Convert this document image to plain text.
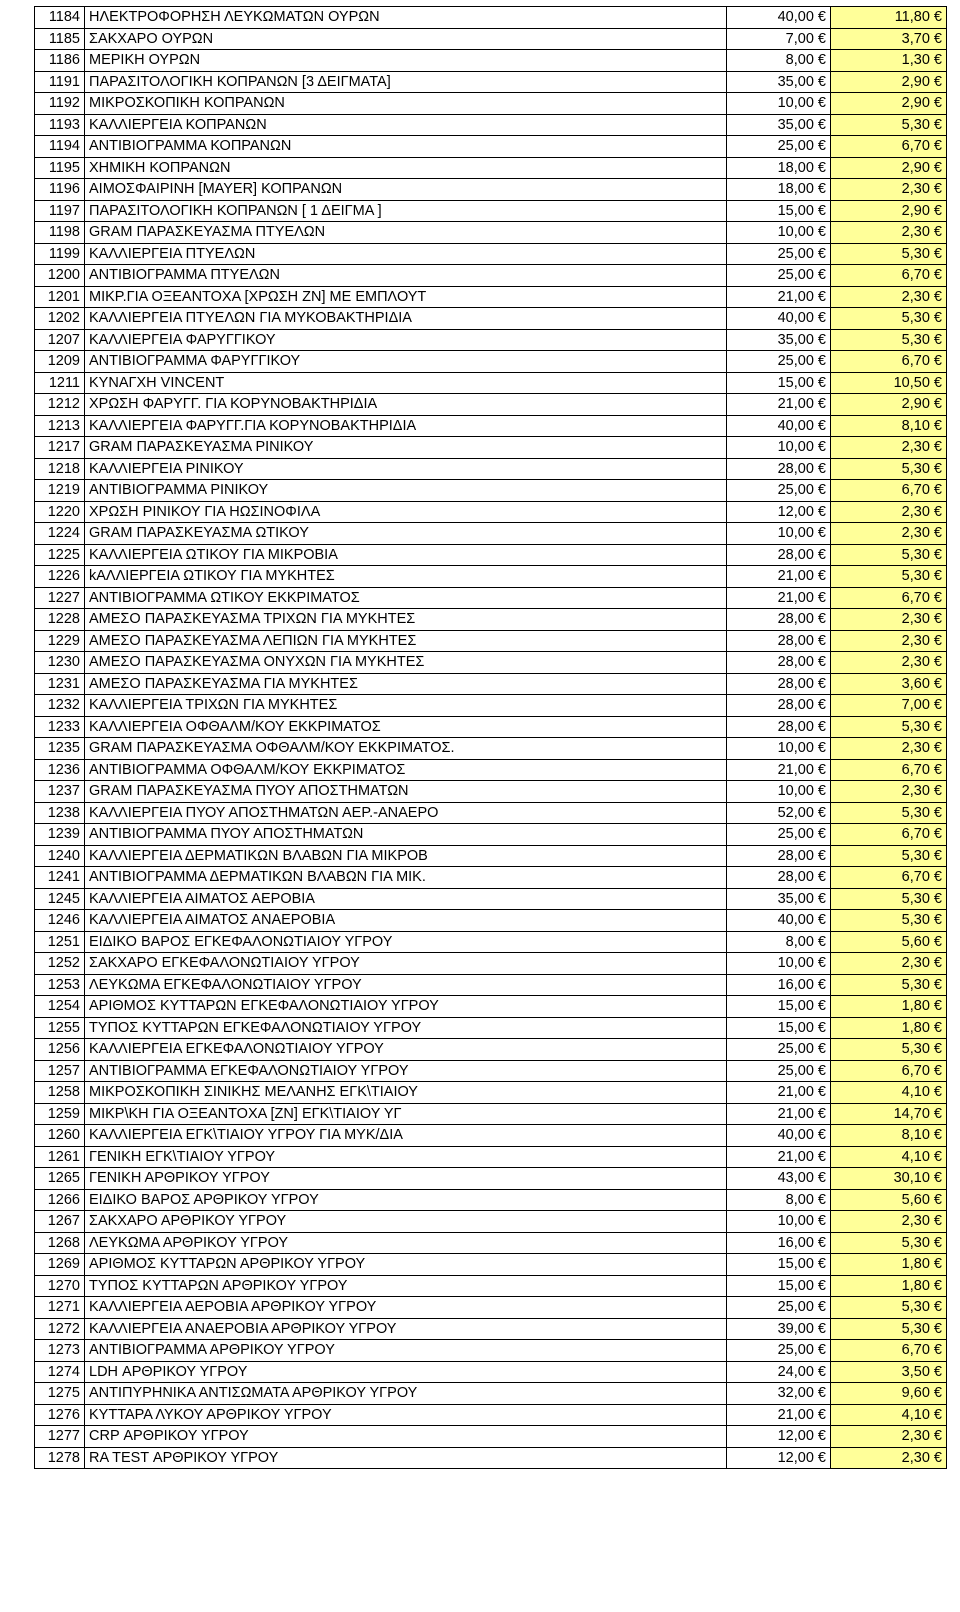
1184	ΗΛΕΚΤΡΟΦΟΡΗΣΗ ΛΕΥΚΩΜΑΤΩΝ ΟΥΡΩΝ	40,00 €	11,80 €
1185	ΣΑΚΧΑΡΟ ΟΥΡΩΝ	7,00 €	3,70 €
1186	ΜΕΡΙΚΗ ΟΥΡΩΝ	8,00 €	1,30 €
1191	ΠΑΡΑΣΙΤΟΛΟΓΙΚΗ ΚΟΠΡΑΝΩΝ [3 ΔΕΙΓΜΑΤΑ]	35,00 €	2,90 €
1192	ΜΙΚΡΟΣΚΟΠΙΚΗ ΚΟΠΡΑΝΩΝ	10,00 €	2,90 €
1193	ΚΑΛΛΙΕΡΓΕΙΑ ΚΟΠΡΑΝΩΝ	35,00 €	5,30 €
1194	ΑΝΤΙΒΙΟΓΡΑΜΜΑ ΚΟΠΡΑΝΩΝ	25,00 €	6,70 €
1195	ΧΗΜΙΚΗ ΚΟΠΡΑΝΩΝ	18,00 €	2,90 €
1196	ΑΙΜΟΣΦΑΙΡΙΝΗ [MAYER] ΚΟΠΡΑΝΩΝ	18,00 €	2,30 €
1197	ΠΑΡΑΣΙΤΟΛΟΓΙΚΗ ΚΟΠΡΑΝΩΝ [ 1 ΔΕΙΓΜΑ ]	15,00 €	2,90 €
1198	GRAM ΠΑΡΑΣΚΕΥΑΣΜΑ ΠΤΥΕΛΩΝ	10,00 €	2,30 €
1199	ΚΑΛΛΙΕΡΓΕΙΑ ΠΤΥΕΛΩΝ	25,00 €	5,30 €
1200	ΑΝΤΙΒΙΟΓΡΑΜΜΑ ΠΤΥΕΛΩΝ	25,00 €	6,70 €
1201	ΜΙΚΡ.ΓΙΑ ΟΞΕΑΝΤΟΧΑ [ΧΡΩΣΗ ΖΝ] ΜΕ ΕΜΠΛΟΥΤ	21,00 €	2,30 €
1202	ΚΑΛΛΙΕΡΓΕΙΑ ΠΤΥΕΛΩΝ ΓΙΑ ΜΥΚΟΒΑΚΤΗΡΙΔΙΑ	40,00 €	5,30 €
1207	ΚΑΛΛΙΕΡΓΕΙΑ ΦΑΡΥΓΓΙΚΟΥ	35,00 €	5,30 €
1209	ΑΝΤΙΒΙΟΓΡΑΜΜΑ ΦΑΡΥΓΓΙΚΟΥ	25,00 €	6,70 €
1211	ΚΥΝΑΓΧΗ VINCENT	15,00 €	10,50 €
1212	ΧΡΩΣΗ ΦΑΡΥΓΓ. ΓΙΑ ΚΟΡΥΝΟΒΑΚΤΗΡΙΔΙΑ	21,00 €	2,90 €
1213	ΚΑΛΛΙΕΡΓΕΙΑ ΦΑΡΥΓΓ.ΓΙΑ ΚΟΡΥΝΟΒΑΚΤΗΡΙΔΙΑ	40,00 €	8,10 €
1217	GRAM ΠΑΡΑΣΚΕΥΑΣΜΑ ΡΙΝΙΚΟΥ	10,00 €	2,30 €
1218	ΚΑΛΛΙΕΡΓΕΙΑ ΡΙΝΙΚΟΥ	28,00 €	5,30 €
1219	ΑΝΤΙΒΙΟΓΡΑΜΜΑ ΡΙΝΙΚΟΥ	25,00 €	6,70 €
1220	ΧΡΩΣΗ ΡΙΝΙΚΟΥ ΓΙΑ ΗΩΣΙΝΟΦΙΛΑ	12,00 €	2,30 €
1224	GRAM ΠΑΡΑΣΚΕΥΑΣΜΑ ΩΤΙΚΟΥ	10,00 €	2,30 €
1225	ΚΑΛΛΙΕΡΓΕΙΑ ΩΤΙΚΟΥ ΓΙΑ ΜΙΚΡΟΒΙΑ	28,00 €	5,30 €
1226	kΑΛΛΙΕΡΓΕΙΑ ΩΤΙΚΟΥ ΓΙΑ ΜΥΚΗΤΕΣ	21,00 €	5,30 €
1227	ΑΝΤΙΒΙΟΓΡΑΜΜΑ ΩΤΙΚΟΥ ΕΚΚΡΙΜΑΤΟΣ	21,00 €	6,70 €
1228	ΑΜΕΣΟ ΠΑΡΑΣΚΕΥΑΣΜΑ ΤΡΙΧΩΝ ΓΙΑ ΜΥΚΗΤΕΣ	28,00 €	2,30 €
1229	ΑΜΕΣΟ ΠΑΡΑΣΚΕΥΑΣΜΑ ΛΕΠΙΩΝ ΓΙΑ ΜΥΚΗΤΕΣ	28,00 €	2,30 €
1230	ΑΜΕΣΟ ΠΑΡΑΣΚΕΥΑΣΜΑ ΟΝΥΧΩΝ ΓΙΑ ΜΥΚΗΤΕΣ	28,00 €	2,30 €
1231	ΑΜΕΣΟ ΠΑΡΑΣΚΕΥΑΣΜΑ ΓΙΑ ΜΥΚΗΤΕΣ	28,00 €	3,60 €
1232	ΚΑΛΛΙΕΡΓΕΙΑ ΤΡΙΧΩΝ ΓΙΑ ΜΥΚΗΤΕΣ	28,00 €	7,00 €
1233	ΚΑΛΛΙΕΡΓΕΙΑ ΟΦΘΑΛΜ/ΚΟΥ ΕΚΚΡΙΜΑΤΟΣ	28,00 €	5,30 €
1235	GRAM ΠΑΡΑΣΚΕΥΑΣΜΑ ΟΦΘΑΛΜ/ΚΟΥ ΕΚΚΡΙΜΑΤΟΣ.	10,00 €	2,30 €
1236	ΑΝΤΙΒΙΟΓΡΑΜΜΑ ΟΦΘΑΛΜ/ΚΟΥ ΕΚΚΡΙΜΑΤΟΣ	21,00 €	6,70 €
1237	GRAM ΠΑΡΑΣΚΕΥΑΣΜΑ ΠΥΟΥ ΑΠΟΣΤΗΜΑΤΩΝ	10,00 €	2,30 €
1238	ΚΑΛΛΙΕΡΓΕΙΑ ΠΥΟΥ ΑΠΟΣΤΗΜΑΤΩΝ ΑΕΡ.-ΑΝΑΕΡΟ	52,00 €	5,30 €
1239	ΑΝΤΙΒΙΟΓΡΑΜΜΑ ΠΥΟΥ ΑΠΟΣΤΗΜΑΤΩΝ	25,00 €	6,70 €
1240	ΚΑΛΛΙΕΡΓΕΙΑ ΔΕΡΜΑΤΙΚΩΝ ΒΛΑΒΩΝ ΓΙΑ ΜΙΚΡΟΒ	28,00 €	5,30 €
1241	ΑΝΤΙΒΙΟΓΡΑΜΜΑ ΔΕΡΜΑΤΙΚΩΝ ΒΛΑΒΩΝ ΓΙΑ ΜΙΚ.	28,00 €	6,70 €
1245	ΚΑΛΛΙΕΡΓΕΙΑ ΑΙΜΑΤΟΣ ΑΕΡΟΒΙΑ	35,00 €	5,30 €
1246	ΚΑΛΛΙΕΡΓΕΙΑ ΑΙΜΑΤΟΣ ΑΝΑΕΡΟΒΙΑ	40,00 €	5,30 €
1251	ΕΙΔΙΚΟ ΒΑΡΟΣ ΕΓΚΕΦΑΛΟΝΩΤΙΑΙΟΥ ΥΓΡΟΥ	8,00 €	5,60 €
1252	ΣΑΚΧΑΡΟ ΕΓΚΕΦΑΛΟΝΩΤΙΑΙΟΥ ΥΓΡΟΥ	10,00 €	2,30 €
1253	ΛΕΥΚΩΜΑ ΕΓΚΕΦΑΛΟΝΩΤΙΑΙΟΥ ΥΓΡΟΥ	16,00 €	5,30 €
1254	ΑΡΙΘΜΟΣ ΚΥΤΤΑΡΩΝ ΕΓΚΕΦΑΛΟΝΩΤΙΑΙΟΥ ΥΓΡΟΥ	15,00 €	1,80 €
1255	ΤΥΠΟΣ ΚΥΤΤΑΡΩΝ ΕΓΚΕΦΑΛΟΝΩΤΙΑΙΟΥ ΥΓΡΟΥ	15,00 €	1,80 €
1256	ΚΑΛΛΙΕΡΓΕΙΑ ΕΓΚΕΦΑΛΟΝΩΤΙΑΙΟΥ ΥΓΡΟΥ	25,00 €	5,30 €
1257	ΑΝΤΙΒΙΟΓΡΑΜΜΑ ΕΓΚΕΦΑΛΟΝΩΤΙΑΙΟΥ ΥΓΡΟΥ	25,00 €	6,70 €
1258	ΜΙΚΡΟΣΚΟΠΙΚΗ ΣΙΝΙΚΗΣ ΜΕΛΑΝΗΣ ΕΓΚ\ΤΙΑΙΟΥ	21,00 €	4,10 €
1259	ΜΙΚΡ\ΚΗ ΓΙΑ ΟΞΕΑΝΤΟΧΑ [ΖΝ] ΕΓΚ\ΤΙΑΙΟΥ ΥΓ	21,00 €	14,70 €
1260	ΚΑΛΛΙΕΡΓΕΙΑ ΕΓΚ\ΤΙΑΙΟΥ ΥΓΡΟΥ ΓΙΑ ΜΥΚ/ΔΙΑ	40,00 €	8,10 €
1261	ΓΕΝΙΚΗ ΕΓΚ\ΤΙΑΙΟΥ ΥΓΡΟΥ	21,00 €	4,10 €
1265	ΓΕΝΙΚΗ ΑΡΘΡΙΚΟΥ ΥΓΡΟΥ	43,00 €	30,10 €
1266	ΕΙΔΙΚΟ ΒΑΡΟΣ ΑΡΘΡΙΚΟΥ ΥΓΡΟΥ	8,00 €	5,60 €
1267	ΣΑΚΧΑΡΟ ΑΡΘΡΙΚΟΥ ΥΓΡΟΥ	10,00 €	2,30 €
1268	ΛΕΥΚΩΜΑ ΑΡΘΡΙΚΟΥ ΥΓΡΟΥ	16,00 €	5,30 €
1269	ΑΡΙΘΜΟΣ ΚΥΤΤΑΡΩΝ ΑΡΘΡΙΚΟΥ ΥΓΡΟΥ	15,00 €	1,80 €
1270	ΤΥΠΟΣ ΚΥΤΤΑΡΩΝ ΑΡΘΡΙΚΟΥ ΥΓΡΟΥ	15,00 €	1,80 €
1271	ΚΑΛΛΙΕΡΓΕΙΑ ΑΕΡΟΒΙΑ ΑΡΘΡΙΚΟΥ ΥΓΡΟΥ	25,00 €	5,30 €
1272	ΚΑΛΛΙΕΡΓΕΙΑ ΑΝΑΕΡΟΒΙΑ ΑΡΘΡΙΚΟΥ ΥΓΡΟΥ	39,00 €	5,30 €
1273	ΑΝΤΙΒΙΟΓΡΑΜΜΑ ΑΡΘΡΙΚΟΥ ΥΓΡΟΥ	25,00 €	6,70 €
1274	LDH ΑΡΘΡΙΚΟΥ ΥΓΡΟΥ	24,00 €	3,50 €
1275	ΑΝΤΙΠΥΡΗΝΙΚΑ ΑΝΤΙΣΩΜΑΤΑ ΑΡΘΡΙΚΟΥ ΥΓΡΟΥ	32,00 €	9,60 €
1276	ΚΥΤΤΑΡΑ ΛΥΚΟΥ ΑΡΘΡΙΚΟΥ ΥΓΡΟΥ	21,00 €	4,10 €
1277	CRP ΑΡΘΡΙΚΟΥ ΥΓΡΟΥ	12,00 €	2,30 €
1278	RA TEST ΑΡΘΡΙΚΟΥ ΥΓΡΟΥ	12,00 €	2,30 €
